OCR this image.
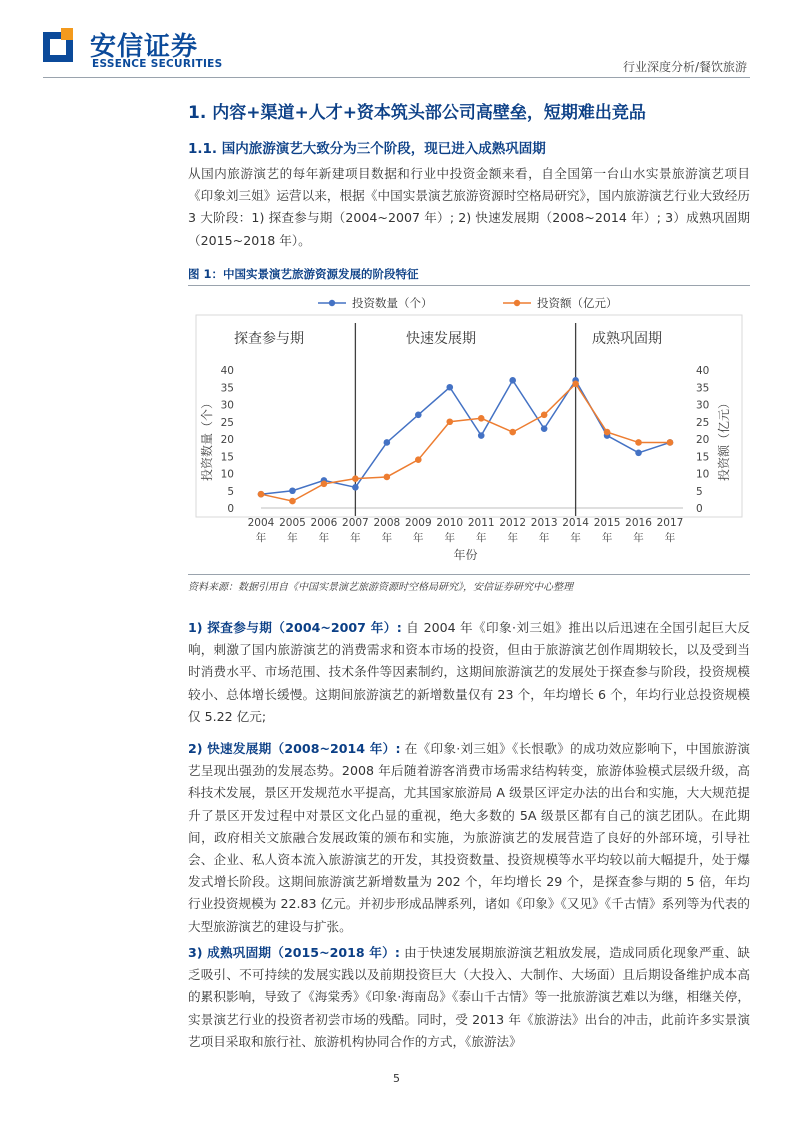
安信证券
ESSENCE SECURITIES	行业深度分析/餐饮旅游
1. 内容+渠道+人才+资本筑头部公司高壁垒，短期难出竞品
1.1. 国内旅游演艺大致分为三个阶段，现已进入成熟巩固期
从国内旅游演艺的每年新建项目数据和行业中投资金额来看，自全国第一台山水实景旅游演艺项目《印象刘三姐》运营以来，根据《中国实景演艺旅游资源时空格局研究》，国内旅游演艺行业大致经历 3 大阶段：1) 探查参与期（2004~2007 年）; 2) 快速发展期（2008~2014 年）; 3）成熟巩固期（2015~2018 年）。
图 1：中国实景演艺旅游资源发展的阶段特征
投资数量（个）	投资额（亿元）
探查参与期	快速发展期	成熟巩固期
0	0
5	5
10	10
15	15
20	20
25	25
30	30
35	35
40	40
投资数量（个）	投资额（亿元）
2004 年
2005 年
2006 年
2007 年
2008 年
2009 年
2010 年
2011 年
2012 年
2013 年
2014 年
2015 年
2016 年
2017 年
年份
资料来源：数据引用自《中国实景演艺旅游资源时空格局研究》，安信证券研究中心整理
1) 探查参与期（2004~2007 年）: 自 2004 年《印象·刘三姐》推出以后迅速在全国引起巨大反响，刺激了国内旅游演艺的消费需求和资本市场的投资，但由于旅游演艺创作周期较长，以及受到当时消费水平、市场范围、技术条件等因素制约，这期间旅游演艺的发展处于探查参与阶段，投资规模较小、总体增长缓慢。这期间旅游演艺的新增数量仅有 23 个，年均增长 6 个，年均行业总投资规模仅 5.22 亿元;
2) 快速发展期（2008~2014 年）: 在《印象·刘三姐》《长恨歌》的成功效应影响下，中国旅游演艺呈现出强劲的发展态势。2008 年后随着游客消费市场需求结构转变，旅游体验模式层级升级，高科技术发展，景区开发规范水平提高，尤其国家旅游局 A 级景区评定办法的出台和实施，大大规范提升了景区开发过程中对景区文化凸显的重视，绝大多数的 5A 级景区都有自己的演艺团队。在此期间，政府相关文旅融合发展政策的颁布和实施，为旅游演艺的发展营造了良好的外部环境，引导社会、企业、私人资本流入旅游演艺的开发，其投资数量、投资规模等水平均较以前大幅提升，处于爆发式增长阶段。这期间旅游演艺新增数量为 202 个，年均增长 29 个，是探查参与期的 5 倍，年均行业投资规模为 22.83 亿元。并初步形成品牌系列，诸如《印象》《又见》《千古情》系列等为代表的大型旅游演艺的建设与扩张。
3) 成熟巩固期（2015~2018 年）: 由于快速发展期旅游演艺粗放发展，造成同质化现象严重、缺乏吸引、不可持续的发展实践以及前期投资巨大（大投入、大制作、大场面）且后期设备维护成本高的累积影响，导致了《海棠秀》《印象·海南岛》《泰山千古情》等一批旅游演艺难以为继，相继关停，实景演艺行业的投资者初尝市场的残酷。同时，受 2013 年《旅游法》出台的冲击，此前许多实景演艺项目采取和旅行社、旅游机构协同合作的方式，《旅游法》
5
